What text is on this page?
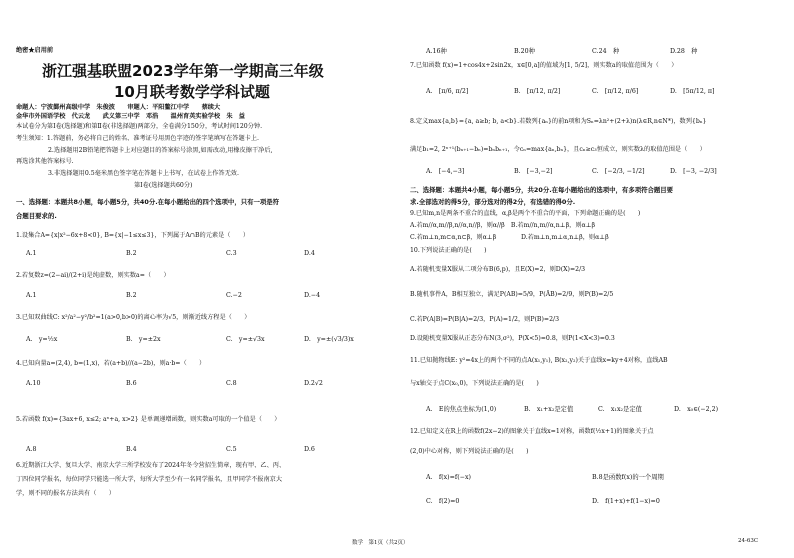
绝密★启用前
浙江强基联盟2023学年第一学期高三年级
10月联考数学学科试题
命题人：宁波鄞州高级中学　朱俊波　　审题人：平阳鳌江中学　　蔡续大
金华市外国语学校　代云龙　　武义第三中学　邓浩　　温州育英实验学校　朱　益
本试卷分为第Ⅰ卷(选择题)和第Ⅱ卷(非选择题)两部分，全卷满分150分，考试时间120分钟.
考生须知：1.答题前，务必将自己的姓名、准考证号用黑色字迹的签字笔填写在答题卡上.
2.选择题用2B铅笔把答题卡上对应题目的答案标号涂黑,如需改动,用橡皮擦干净后,
再选涂其他答案标号.
3.非选择题用0.5毫米黑色签字笔在答题卡上书写，在试卷上作答无效.
第Ⅰ卷(选择题共60分)
一、选择题：本题共8小题，每小题5分，共40分.在每小题给出的四个选项中，只有一项是符
合题目要求的.
1.设集合A={x|x²−6x+8<0}, B={x|−1≤x≤3}，下列属于A∩B的元素是（　　）
A.1	B.2	C.3	D.4
2.若复数z=(2−ai)/(2+i)是纯虚数，则实数a=（　　）
A.1	B.2	C.−2	D.−4
3.已知双曲线C: x²/a²−y²/b²=1(a>0,b>0)的离心率为√5，则渐近线方程是（　　）
A.　y=½x	B.　y=±2x	C.　y=±√3x	D.　y=±(√3/3)x
4.已知向量a=(2,4), b=(1,x)，若(a+b)//(a−2b)，则a·b=（　　）
A.10	B.6	C.8	D.2√2
5.若函数 f(x)={3ax+6, x≤2; aˣ+a, x>2} 是单调递增函数，则实数a可取的一个值是（　　）
A.8	B.4	C.5	D.6
6.近期浙江大学、复旦大学、南京大学三所学校发布了2024年冬令营招生简章，现有甲、乙、丙、
丁四位同学报名，每位同学只能选一所大学，每所大学至少有一名同学报名，且甲同学不报南京大
学，则不同的报名方法共有（　　）
A.16种	B.20种	C.24　种	D.28　种
7.已知函数 f(x)=1+cos4x+2sin2x，x∈[0,a]的值域为[1, 5/2]，则实数a的取值范围为（　　）
A.　[π/6, π/2]	B.　[π/12, π/2]	C.　[π/12, π/6]	D.　[5π/12, π]
8.定义max{a,b}={a, a≥b; b, a<b}.若数列{aₙ}的前n项和为Sₙ=λn²+(2+λ)n(λ∈R,n∈N*)，数列{bₙ}
满足b₁=2, 2ⁿ⁺¹(bₙ₊₁−bₙ)=bₙbₙ₊₁，令cₙ=max{aₙ,bₙ}，且cₙ≥c₃恒成立，则实数λ的取值范围是（　　）
A.　[−4,−3]	B.　[−3,−2]	C.　[−2/3, −1/2]	D.　[−3, −2/3]
二、选择题：本题共4小题，每小题5分，共20分.在每小题给出的选项中，有多项符合题目要
求.全部选对的得5分，部分选对的得2分，有选错的得0分.
9.已知m,n是两条不重合的直线，α,β是两个不重合的平面，下列命题正确的是(　　)
A.若m//α,m//β,n//α,n//β，则α//β　B.若m//n,m//α,n⊥β，则α⊥β
C.若m⊥n,m⊂α,n⊂β，则α⊥β　　　　D.若m⊥n,m⊥α,n⊥β，则α⊥β
10.下列说法正确的是(　　)
A.若随机变量X服从二项分布B(6,p)，且E(X)=2，则D(X)=2/3
B.随机事件A，B相互独立，满足P(AB)=5/9，P(ĀB)=2/9，则P(B)=2/5
C.若P(A|B)=P(B|A)=2/3，P(A)=1/2，则P(B)=2/3
D.设随机变量X服从正态分布N(3,σ²)，P(X<5)=0.8，则P(1<X<3)=0.3
11.已知抛物线E: y²=4x上的两个不同的点A(x₁,y₁), B(x₂,y₂)关于直线x=ky+4对称，直线AB
与x轴交于点C(x₀,0)，下列说法正确的是(　　)
A.　E的焦点坐标为(1,0)	B.　x₁+x₂是定值	C.　x₁x₂是定值	D.　x₀∈(−2,2)
12.已知定义在R上的函数f(2x−2)的图象关于直线x=1对称，函数f(½x+1)的图象关于点
(2,0)中心对称，则下列说法正确的是(　　)
A.　f(x)=f(−x)	B.8是函数f(x)的一个周期
C.　f(2)=0	D.　f(1+x)+f(1−x)=0
数学　第1页（共2页）	24-63C
